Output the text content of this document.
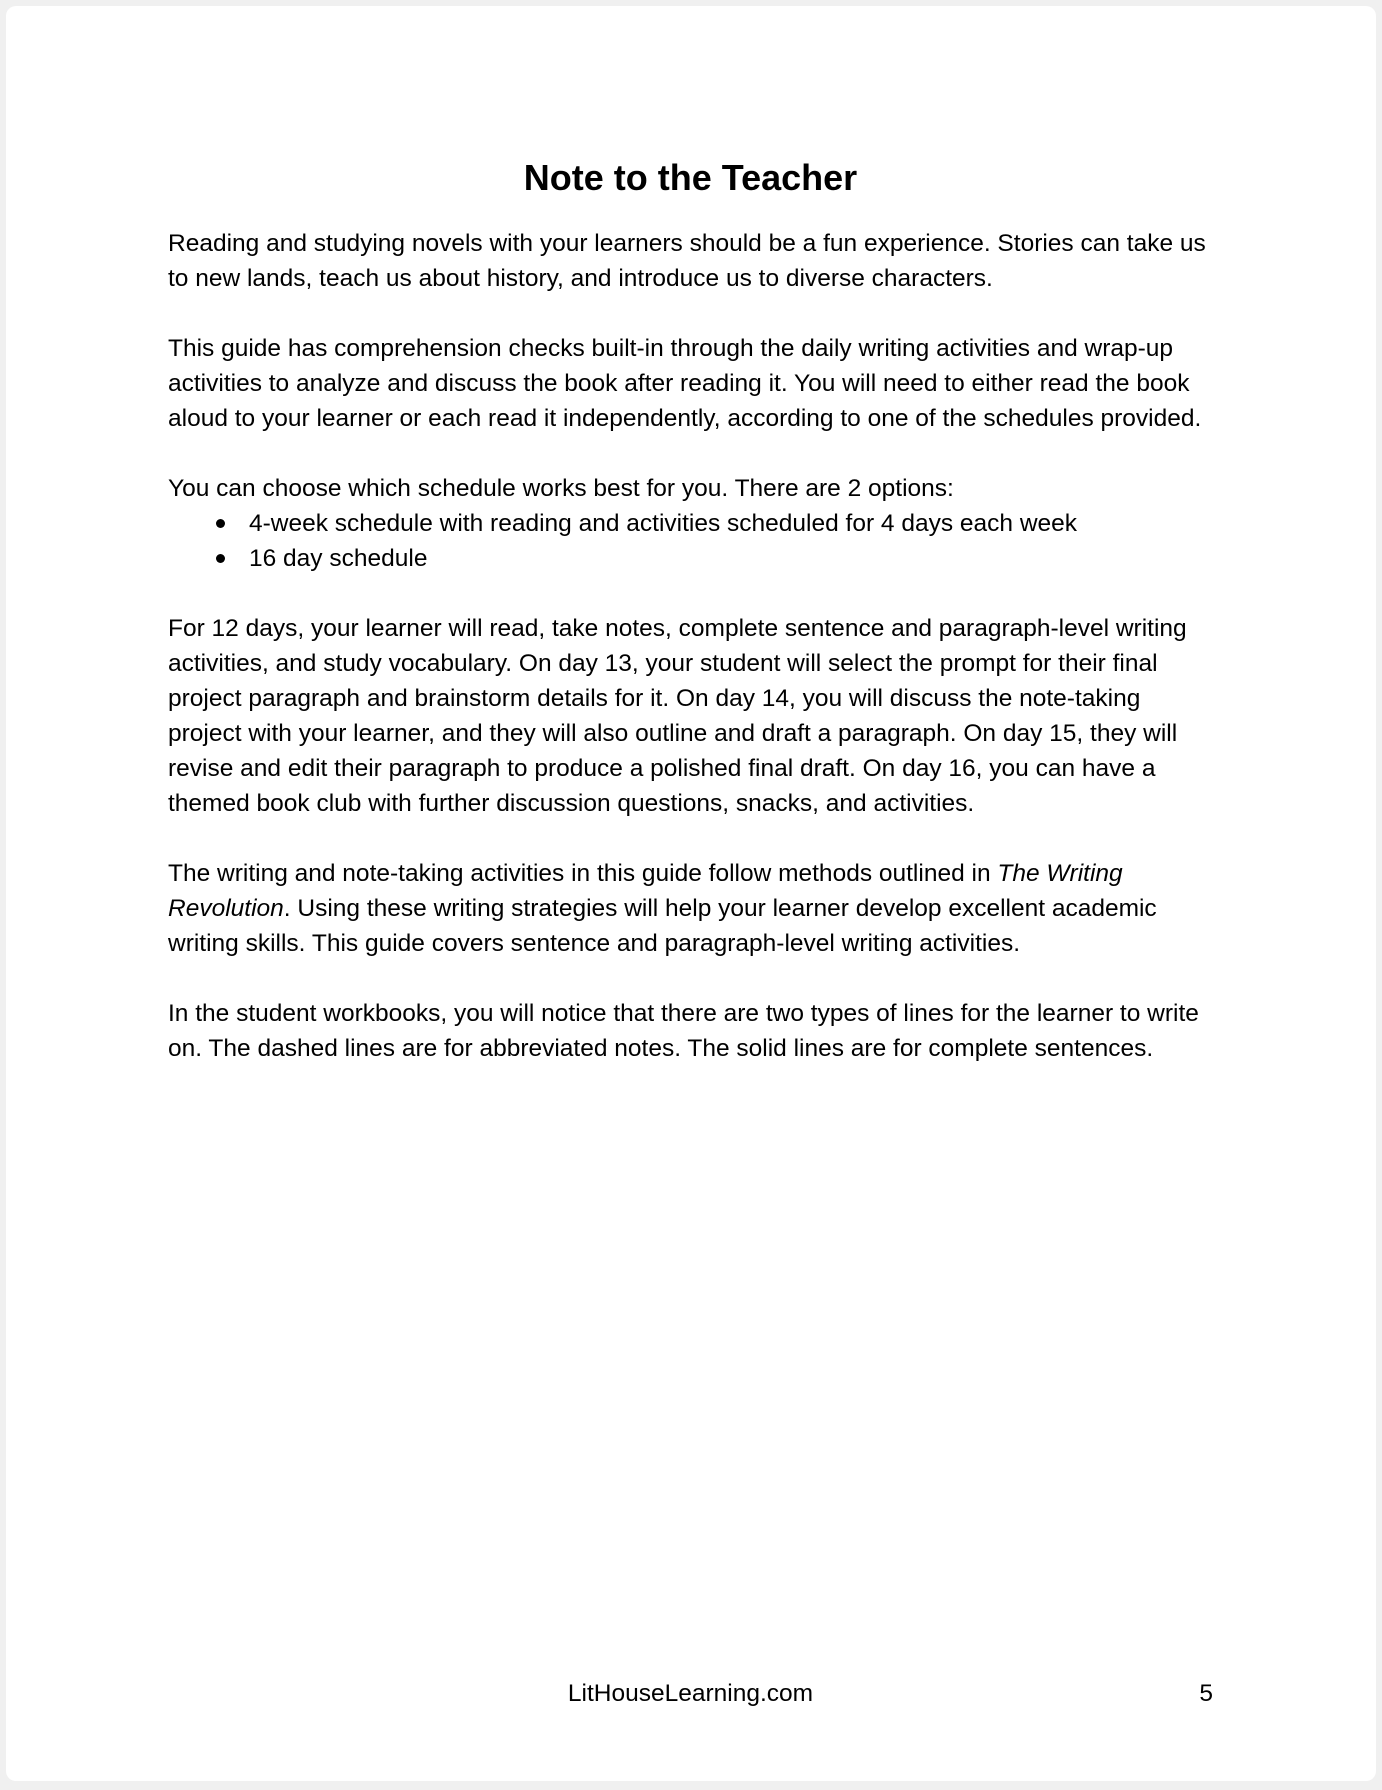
Note to the Teacher

Reading and studying novels with your learners should be a fun experience. Stories can take us to new lands, teach us about history, and introduce us to diverse characters.

This guide has comprehension checks built-in through the daily writing activities and wrap-up activities to analyze and discuss the book after reading it. You will need to either read the book aloud to your learner or each read it independently, according to one of the schedules provided.

You can choose which schedule works best for you. There are 2 options:

4-week schedule with reading and activities scheduled for 4 days each week
16 day schedule

For 12 days, your learner will read, take notes, complete sentence and paragraph-level writing activities, and study vocabulary. On day 13, your student will select the prompt for their final project paragraph and brainstorm details for it. On day 14, you will discuss the note-taking project with your learner, and they will also outline and draft a paragraph. On day 15, they will revise and edit their paragraph to produce a polished final draft. On day 16, you can have a themed book club with further discussion questions, snacks, and activities.

The writing and note-taking activities in this guide follow methods outlined in The Writing Revolution. Using these writing strategies will help your learner develop excellent academic writing skills. This guide covers sentence and paragraph-level writing activities.

In the student workbooks, you will notice that there are two types of lines for the learner to write on. The dashed lines are for abbreviated notes. The solid lines are for complete sentences.

LitHouseLearning.com	5
